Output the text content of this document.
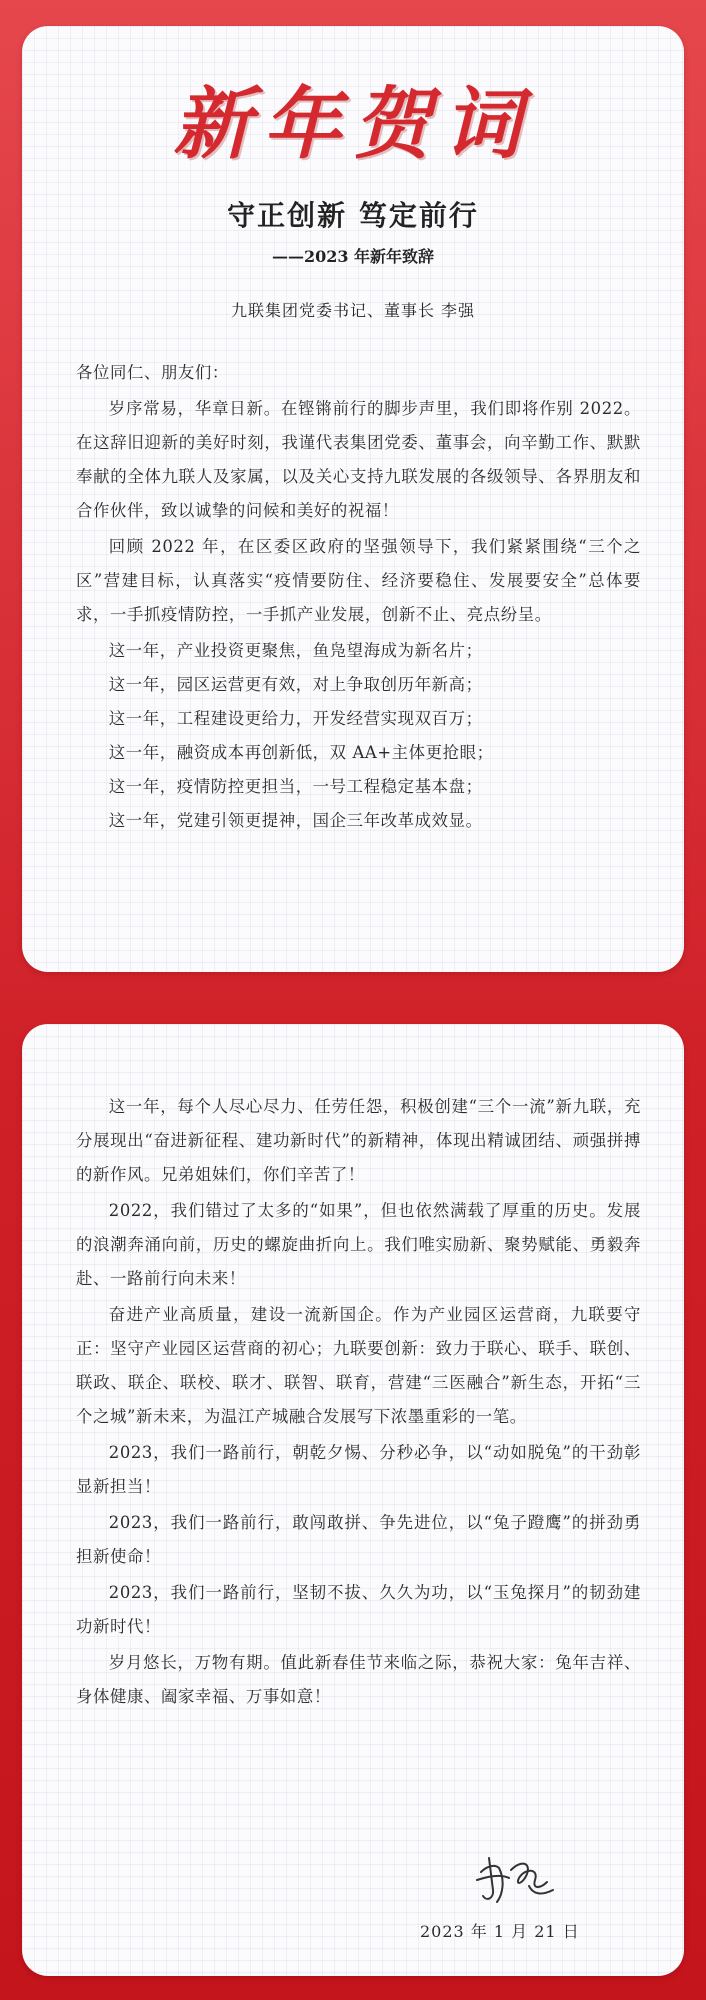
新年贺词
守正创新 笃定前行
——2023 年新年致辞
九联集团党委书记、董事长 李强

各位同仁、朋友们：

岁序常易，华章日新。在铿锵前行的脚步声里，我们即将作别 2022。在这辞旧迎新的美好时刻，我谨代表集团党委、董事会，向辛勤工作、默默奉献的全体九联人及家属，以及关心支持九联发展的各级领导、各界朋友和合作伙伴，致以诚挚的问候和美好的祝福！

回顾 2022 年，在区委区政府的坚强领导下，我们紧紧围绕“三个之区”营建目标，认真落实“疫情要防住、经济要稳住、发展要安全”总体要求，一手抓疫情防控，一手抓产业发展，创新不止、亮点纷呈。

这一年，产业投资更聚焦，鱼凫望海成为新名片；

这一年，园区运营更有效，对上争取创历年新高；

这一年，工程建设更给力，开发经营实现双百万；

这一年，融资成本再创新低，双 AA+主体更抢眼；

这一年，疫情防控更担当，一号工程稳定基本盘；

这一年，党建引领更提神，国企三年改革成效显。

这一年，每个人尽心尽力、任劳任怨，积极创建“三个一流”新九联，充分展现出“奋进新征程、建功新时代”的新精神，体现出精诚团结、顽强拼搏的新作风。兄弟姐妹们，你们辛苦了！

2022，我们错过了太多的“如果”，但也依然满载了厚重的历史。发展的浪潮奔涌向前，历史的螺旋曲折向上。我们唯实励新、聚势赋能、勇毅奔赴、一路前行向未来！

奋进产业高质量，建设一流新国企。作为产业园区运营商，九联要守正：坚守产业园区运营商的初心；九联要创新：致力于联心、联手、联创、联政、联企、联校、联才、联智、联育，营建“三医融合”新生态，开拓“三个之城”新未来，为温江产城融合发展写下浓墨重彩的一笔。

2023，我们一路前行，朝乾夕惕、分秒必争，以“动如脱兔”的干劲彰显新担当！

2023，我们一路前行，敢闯敢拼、争先进位，以“兔子蹬鹰”的拼劲勇担新使命！

2023，我们一路前行，坚韧不拔、久久为功，以“玉兔探月”的韧劲建功新时代！

岁月悠长，万物有期。值此新春佳节来临之际，恭祝大家：兔年吉祥、身体健康、阖家幸福、万事如意！

2023 年 1 月 21 日
